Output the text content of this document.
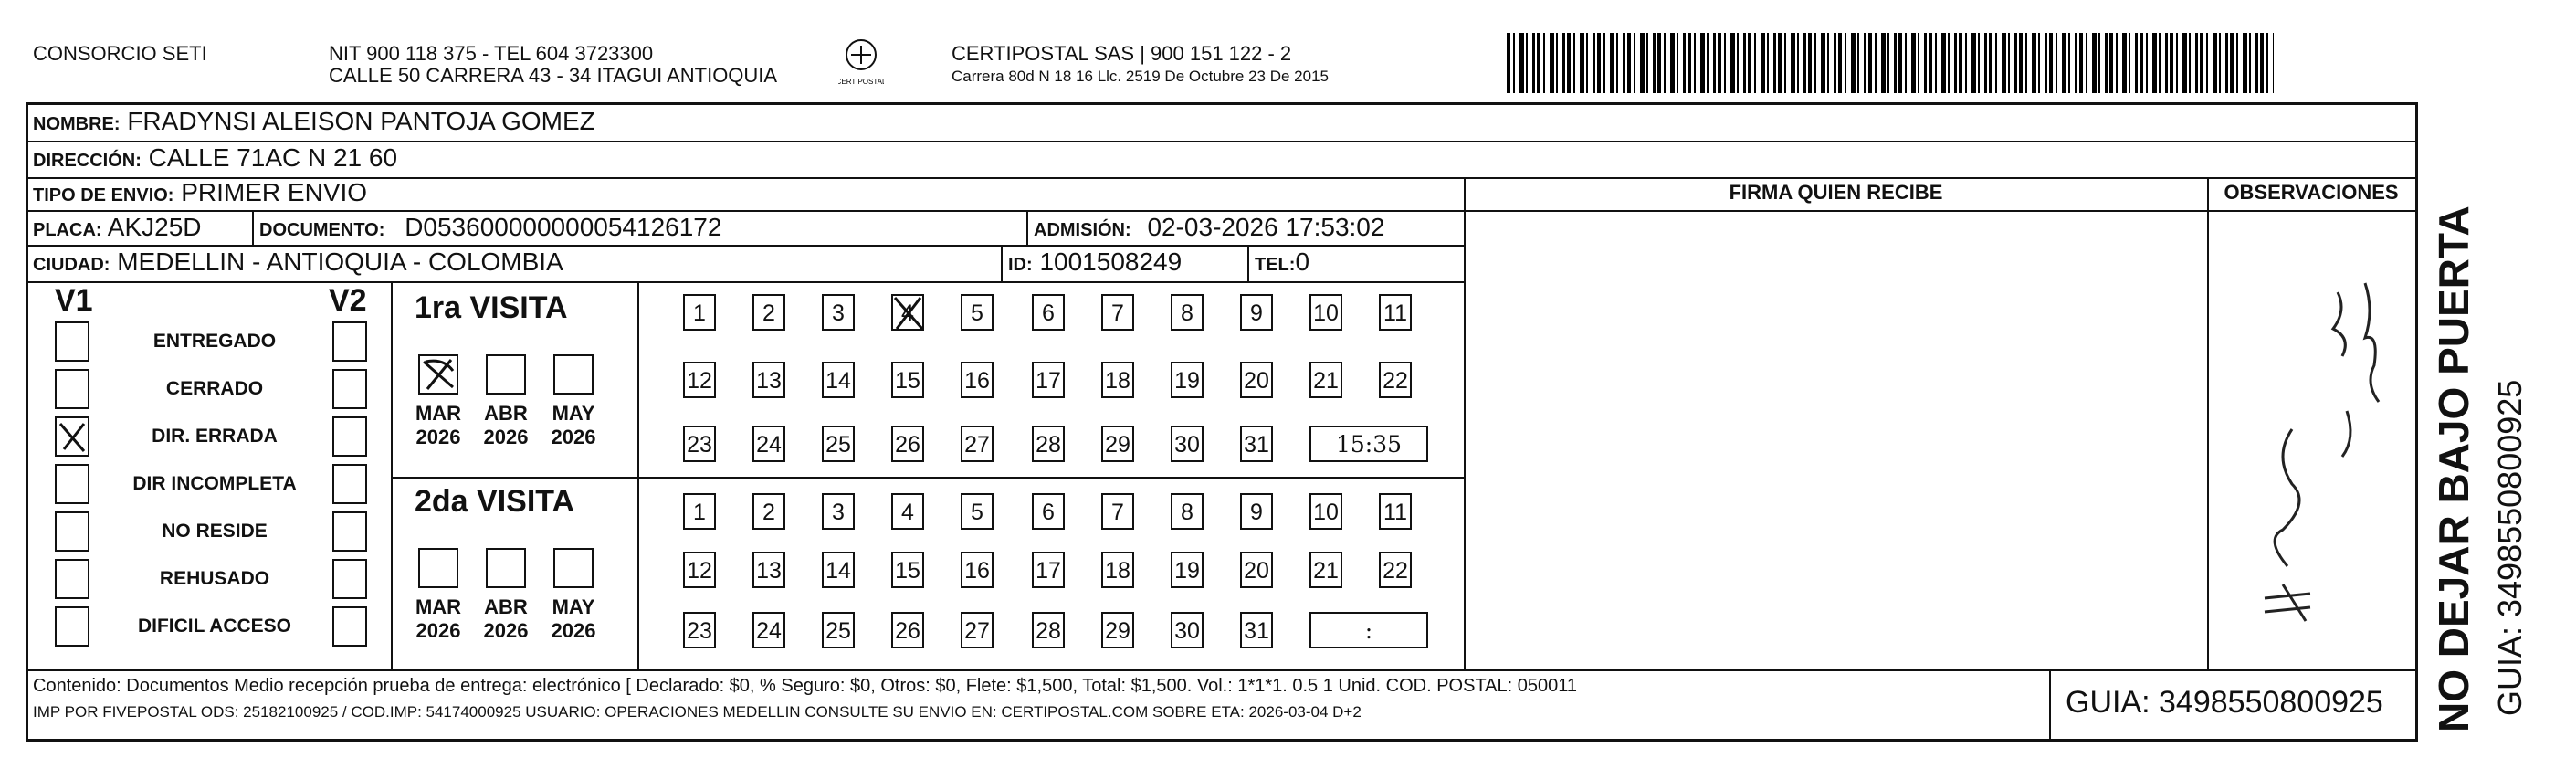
CONSORCIO SETI	NIT 900 118 375 - TEL 604 3723300
CALLE 50 CARRERA 43 - 34 ITAGUI ANTIOQUIA	CERTIPOSTAL
CERTIPOSTAL SAS | 900 151 122 - 2
Carrera 80d N 18 16 Llc. 2519 De Octubre 23 De 2015
NOMBRE: FRADYNSI ALEISON PANTOJA GOMEZ
DIRECCIÓN: CALLE 71AC N 21 60
TIPO DE ENVIO: PRIMER ENVIO
PLACA: AKJ25D	DOCUMENTO: D053600000000054126172	ADMISIÓN: 02-03-2026 17:53:02
CIUDAD: MEDELLIN - ANTIOQUIA - COLOMBIA	ID: 1001508249	TEL:0
FIRMA QUIEN RECIBE	OBSERVACIONES
V1	V2
ENTREGADO
CERRADO
DIR. ERRADA
DIR INCOMPLETA
NO RESIDE
REHUSADO
DIFICIL ACCESO
1ra VISITA
2da VISITA
1	2	3	4	5	6	7	8	9	10 11
12 13 14 15 16 17 18 19 20 21 22
23 24 25 26 27 28 29 30 31	15:35
MAR
2026
ABR
2026
MAY
2026
1	2	3	4	5	6	7	8	9	10 11
12 13 14 15 16 17 18 19 20 21 22
23 24 25 26 27 28 29 30 31	:
MAR
2026
ABR
2026
MAY
2026
Contenido: Documentos Medio recepción prueba de entrega: electrónico [ Declarado: $0, % Seguro: $0, Otros: $0, Flete: $1,500, Total: $1,500. Vol.: 1*1*1. 0.5 1 Unid. COD. POSTAL: 050011
IMP POR FIVEPOSTAL ODS: 25182100925 / COD.IMP: 54174000925 USUARIO: OPERACIONES MEDELLIN CONSULTE SU ENVIO EN: CERTIPOSTAL.COM SOBRE ETA: 2026-03-04 D+2	GUIA: 3498550800925 NO DEJAR BAJO PUERTA GUIA: 3498550800925
